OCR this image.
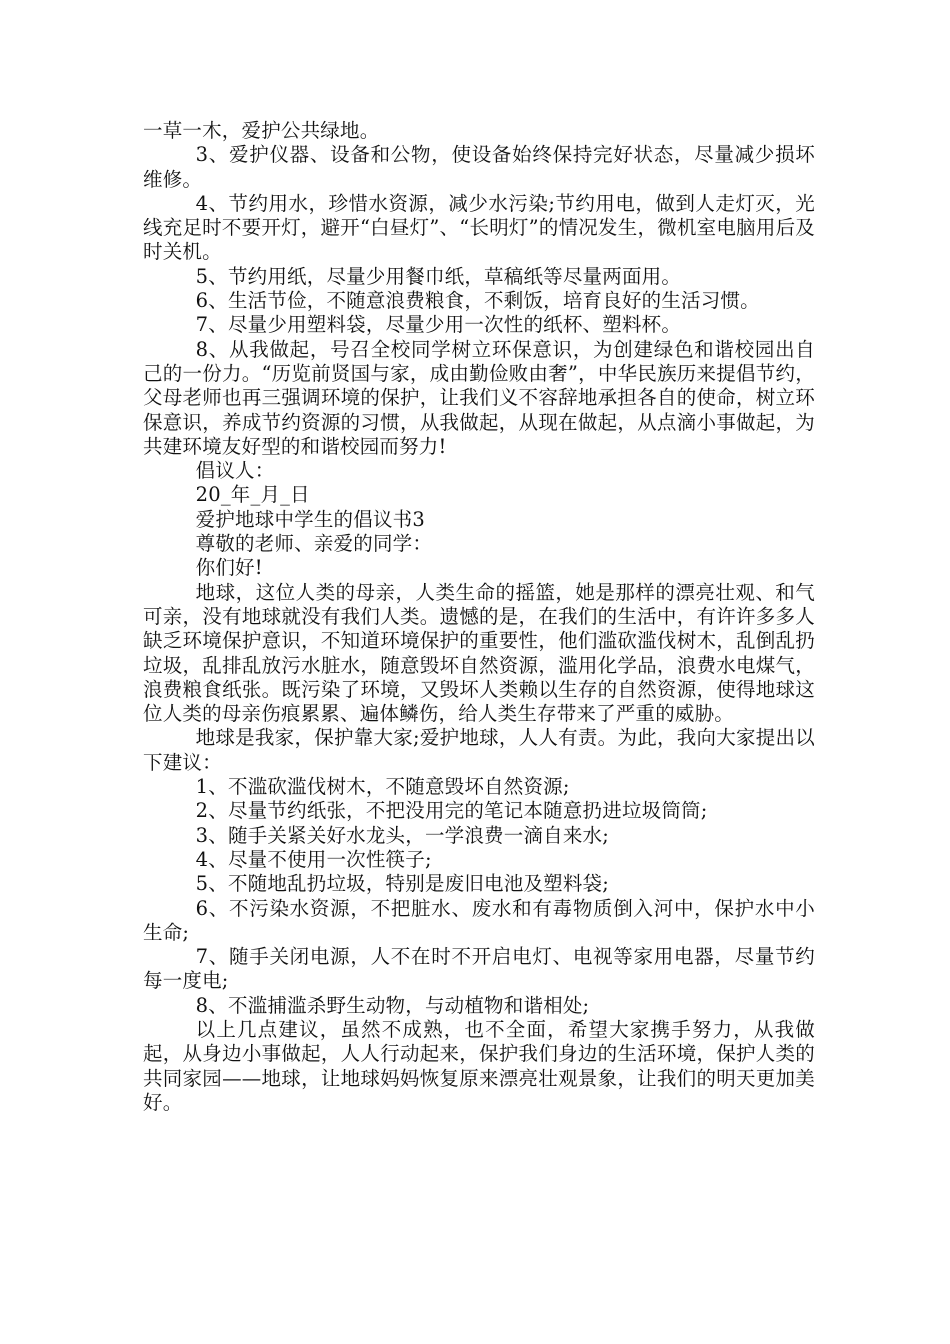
一草一木，爱护公共绿地。

3、爱护仪器、设备和公物，使设备始终保持完好状态，尽量减少损坏维修。

4、节约用水，珍惜水资源，减少水污染;节约用电，做到人走灯灭，光线充足时不要开灯，避开“白昼灯”、“长明灯”的情况发生，微机室电脑用后及时关机。

5、节约用纸，尽量少用餐巾纸，草稿纸等尽量两面用。

6、生活节俭，不随意浪费粮食，不剩饭，培育良好的生活习惯。

7、尽量少用塑料袋，尽量少用一次性的纸杯、塑料杯。

8、从我做起，号召全校同学树立环保意识，为创建绿色和谐校园出自己的一份力。“历览前贤国与家，成由勤俭败由奢”，中华民族历来提倡节约，父母老师也再三强调环境的保护，让我们义不容辞地承担各自的使命，树立环保意识，养成节约资源的习惯，从我做起，从现在做起，从点滴小事做起，为共建环境友好型的和谐校园而努力!

倡议人：

20_年_月_日

爱护地球中学生的倡议书3

尊敬的老师、亲爱的同学：

你们好!

地球，这位人类的母亲，人类生命的摇篮，她是那样的漂亮壮观、和气可亲，没有地球就没有我们人类。遗憾的是，在我们的生活中，有许许多多人缺乏环境保护意识，不知道环境保护的重要性，他们滥砍滥伐树木，乱倒乱扔垃圾，乱排乱放污水脏水，随意毁坏自然资源，滥用化学品，浪费水电煤气，浪费粮食纸张。既污染了环境，又毁坏人类赖以生存的自然资源，使得地球这位人类的母亲伤痕累累、遍体鳞伤，给人类生存带来了严重的威胁。

地球是我家，保护靠大家;爱护地球，人人有责。为此，我向大家提出以下建议：

1、不滥砍滥伐树木，不随意毁坏自然资源;

2、尽量节约纸张，不把没用完的笔记本随意扔进垃圾筒筒;

3、随手关紧关好水龙头，一学浪费一滴自来水;

4、尽量不使用一次性筷子;

5、不随地乱扔垃圾，特别是废旧电池及塑料袋;

6、不污染水资源，不把脏水、废水和有毒物质倒入河中，保护水中小生命;

7、随手关闭电源，人不在时不开启电灯、电视等家用电器，尽量节约每一度电;

8、不滥捕滥杀野生动物，与动植物和谐相处;

以上几点建议，虽然不成熟，也不全面，希望大家携手努力，从我做起，从身边小事做起，人人行动起来，保护我们身边的生活环境，保护人类的共同家园——地球，让地球妈妈恢复原来漂亮壮观景象，让我们的明天更加美好。
